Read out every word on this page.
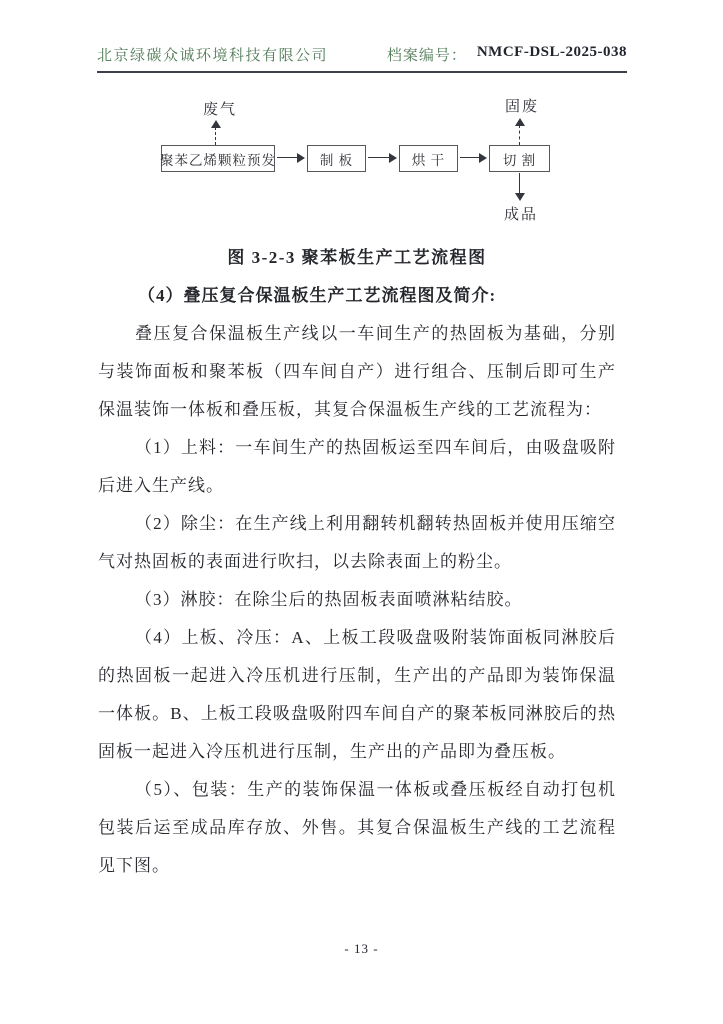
北京绿碳众诚环境科技有限公司	档案编号： NMCF-DSL-2025-038
废气	固废
聚苯乙烯颗粒预发	制 板	烘 干	切 割
成品

图 3-2-3 聚苯板生产工艺流程图

（4）叠压复合保温板生产工艺流程图及简介:

叠压复合保温板生产线以一车间生产的热固板为基础，分别与装饰面板和聚苯板（四车间自产）进行组合、压制后即可生产保温装饰一体板和叠压板，其复合保温板生产线的工艺流程为：

（1）上料：一车间生产的热固板运至四车间后，由吸盘吸附后进入生产线。

（2）除尘：在生产线上利用翻转机翻转热固板并使用压缩空气对热固板的表面进行吹扫，以去除表面上的粉尘。

（3）淋胶：在除尘后的热固板表面喷淋粘结胶。

（4）上板、冷压：A、上板工段吸盘吸附装饰面板同淋胶后的热固板一起进入冷压机进行压制，生产出的产品即为装饰保温一体板。B、上板工段吸盘吸附四车间自产的聚苯板同淋胶后的热固板一起进入冷压机进行压制，生产出的产品即为叠压板。

（5）、包装：生产的装饰保温一体板或叠压板经自动打包机包装后运至成品库存放、外售。其复合保温板生产线的工艺流程见下图。

- 13 -
